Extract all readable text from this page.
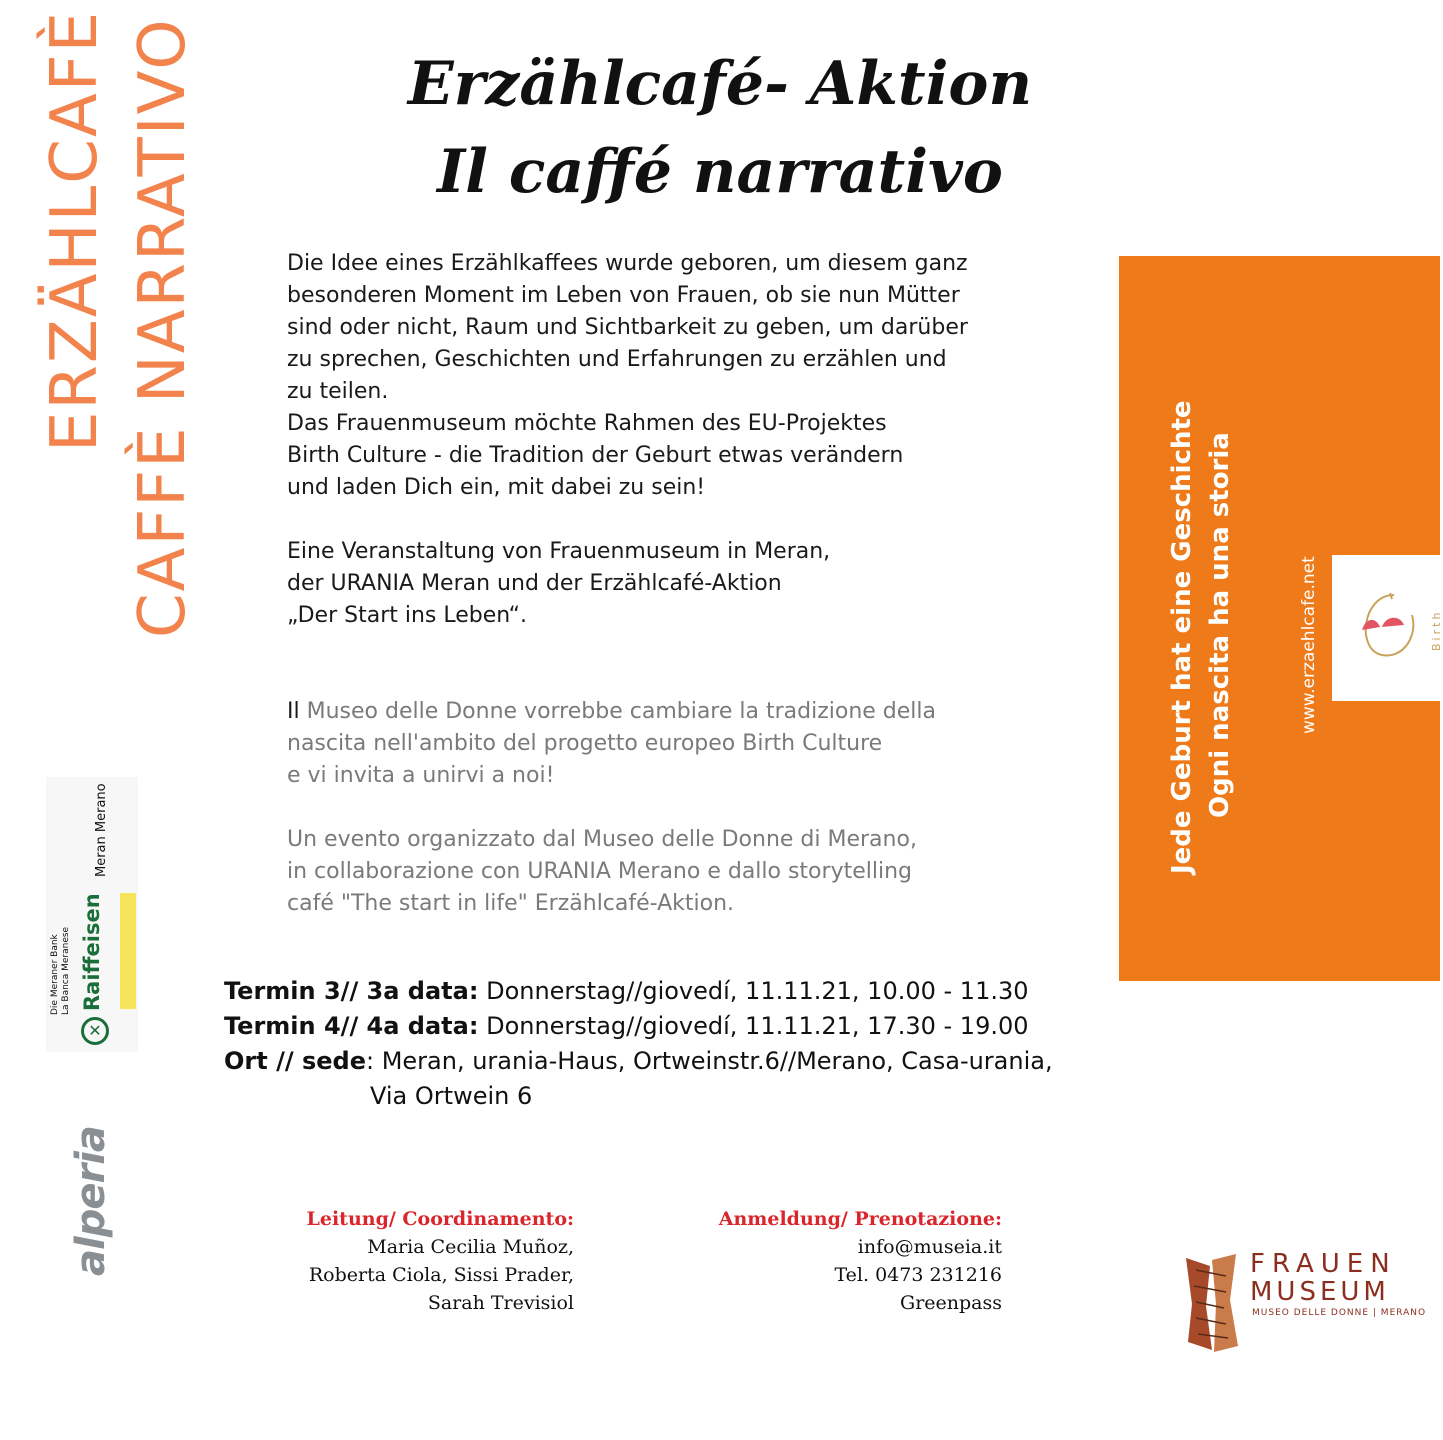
ERZÄHLCAFÈ CAFFÈ NARRATIVO	Erzählcafé- Aktion
Il caffé narrativo
Die Idee eines Erzählkaffees wurde geboren, um diesem ganz
besonderen Moment im Leben von Frauen, ob sie nun Mütter
sind oder nicht, Raum und Sichtbarkeit zu geben, um darüber
zu sprechen, Geschichten und Erfahrungen zu erzählen und
zu teilen.
Das Frauenmuseum möchte Rahmen des EU-Projektes
Birth Culture - die Tradition der Geburt etwas verändern
und laden Dich ein, mit dabei zu sein!
Eine Veranstaltung von Frauenmuseum in Meran,
der URANIA Meran und der Erzählcafé-Aktion
„Der Start ins Leben“.
Il Museo delle Donne vorrebbe cambiare la tradizione della
nascita nell'ambito del progetto europeo Birth Culture
e vi invita a unirvi a noi!
Un evento organizzato dal Museo delle Donne di Merano,
in collaborazione con URANIA Merano e dallo storytelling
café "The start in life" Erzählcafé-Aktion.
Termin 3// 3a data: Donnerstag//giovedí, 11.11.21, 10.00 - 11.30
Termin 4// 4a data: Donnerstag//giovedí, 11.11.21, 17.30 - 19.00
Ort // sede: Meran, urania-Haus, Ortweinstr.6//Merano, Casa-urania,
Via Ortwein 6
Leitung/ Coordinamento:
Maria Cecilia Muñoz,
Roberta Ciola, Sissi Prader,
Sarah Trevisiol
Anmeldung/ Prenotazione:
info@museia.it
Tel. 0473 231216
Greenpass
Jede Geburt hat eine Geschichte Ogni nascita ha una storia	www.erzaehlcafe.net	Birth
Die Meraner Bank La Banca Meranese Raiffeisen
Meran Merano
✕
alperia	FRAUEN
MUSEUM
MUSEO DELLE DONNE | MERANO
